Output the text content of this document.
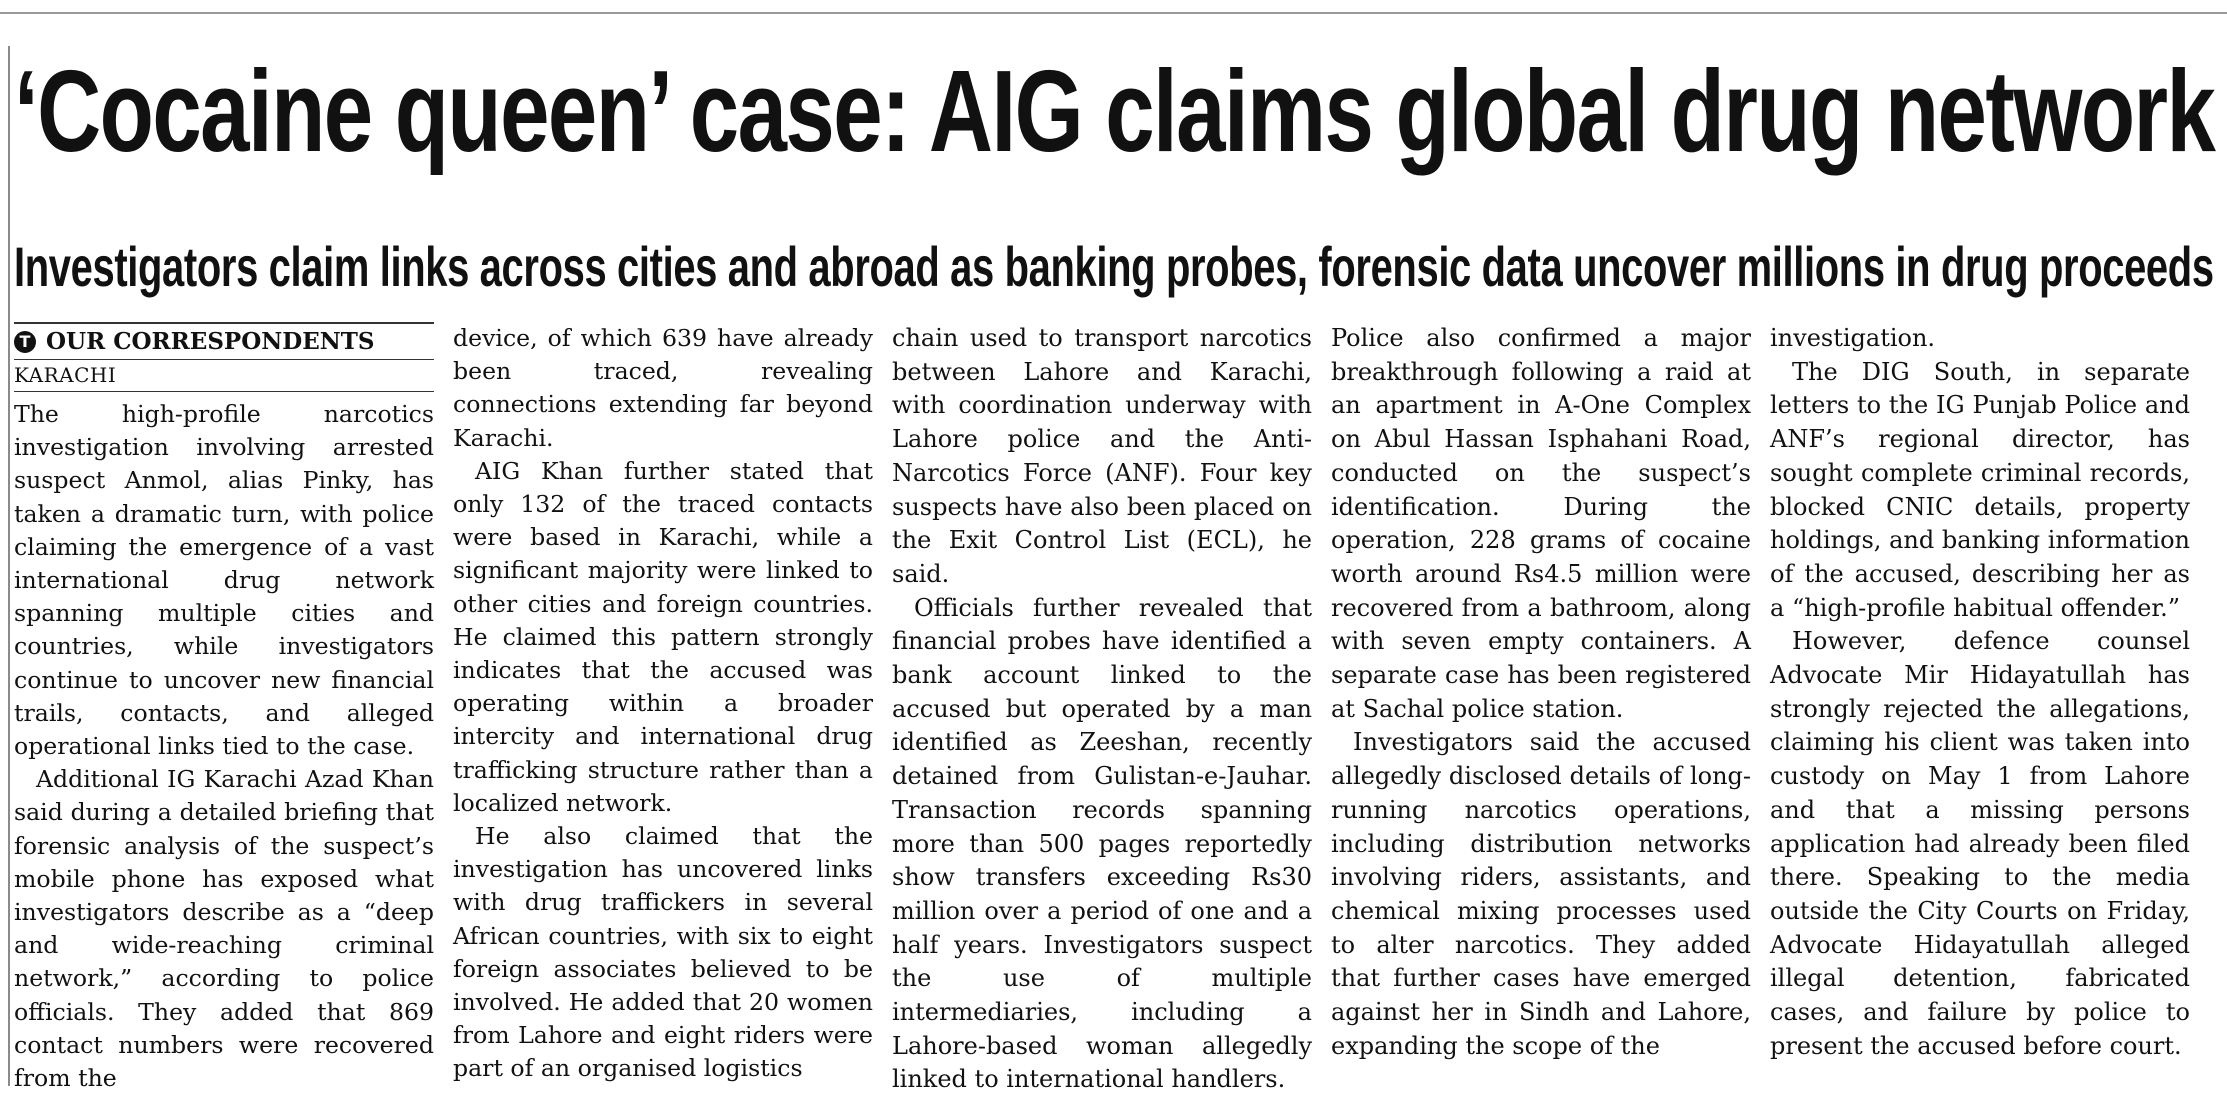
‘Cocaine queen’ case: AIG claims global drug network
Investigators claim links across cities and abroad as banking probes, forensic data uncover millions in drug proceeds
T OUR CORRESPONDENTS
KARACHI

The high-profile narcotics investigation involving arrested suspect Anmol, alias Pinky, has taken a dramatic turn, with police claiming the emergence of a vast international drug network spanning multiple cities and countries, while investigators continue to uncover new financial trails, contacts, and alleged operational links tied to the case.

Additional IG Karachi Azad Khan said during a detailed briefing that forensic analysis of the suspect’s mobile phone has exposed what investigators describe as a “deep and wide-reaching criminal network,” according to police officials. They added that 869 contact numbers were recovered from the

device, of which 639 have already been traced, revealing connections extending far beyond Karachi.

AIG Khan further stated that only 132 of the traced contacts were based in Karachi, while a significant majority were linked to other cities and foreign countries. He claimed this pattern strongly indicates that the accused was operating within a broader intercity and international drug trafficking structure rather than a localized network.

He also claimed that the investigation has uncovered links with drug traffickers in several African countries, with six to eight foreign associates believed to be involved. He added that 20 women from Lahore and eight riders were part of an organised logistics

chain used to transport narcotics between Lahore and Karachi, with coordination underway with Lahore police and the Anti-Narcotics Force (ANF). Four key suspects have also been placed on the Exit Control List (ECL), he said.

Officials further revealed that financial probes have identified a bank account linked to the accused but operated by a man identified as Zeeshan, recently detained from Gulistan-e-Jauhar. Transaction records spanning more than 500 pages reportedly show transfers exceeding Rs30 million over a period of one and a half years. Investigators suspect the use of multiple intermediaries, including a Lahore-based woman allegedly linked to international handlers.

Police also confirmed a major breakthrough following a raid at an apartment in A-One Complex on Abul Hassan Isphahani Road, conducted on the suspect’s identification. During the operation, 228 grams of cocaine worth around Rs4.5 million were recovered from a bathroom, along with seven empty containers. A separate case has been registered at Sachal police station.

Investigators said the accused allegedly disclosed details of long-running narcotics operations, including distribution networks involving riders, assistants, and chemical mixing processes used to alter narcotics. They added that further cases have emerged against her in Sindh and Lahore, expanding the scope of the

investigation.

The DIG South, in separate letters to the IG Punjab Police and ANF’s regional director, has sought complete criminal records, blocked CNIC details, property holdings, and banking information of the accused, describing her as a “high-profile habitual offender.”

However, defence counsel Advocate Mir Hidayatullah has strongly rejected the allegations, claiming his client was taken into custody on May 1 from Lahore and that a missing persons application had already been filed there. Speaking to the media outside the City Courts on Friday, Advocate Hidayatullah alleged illegal detention, fabricated cases, and failure by police to present the accused before court.
